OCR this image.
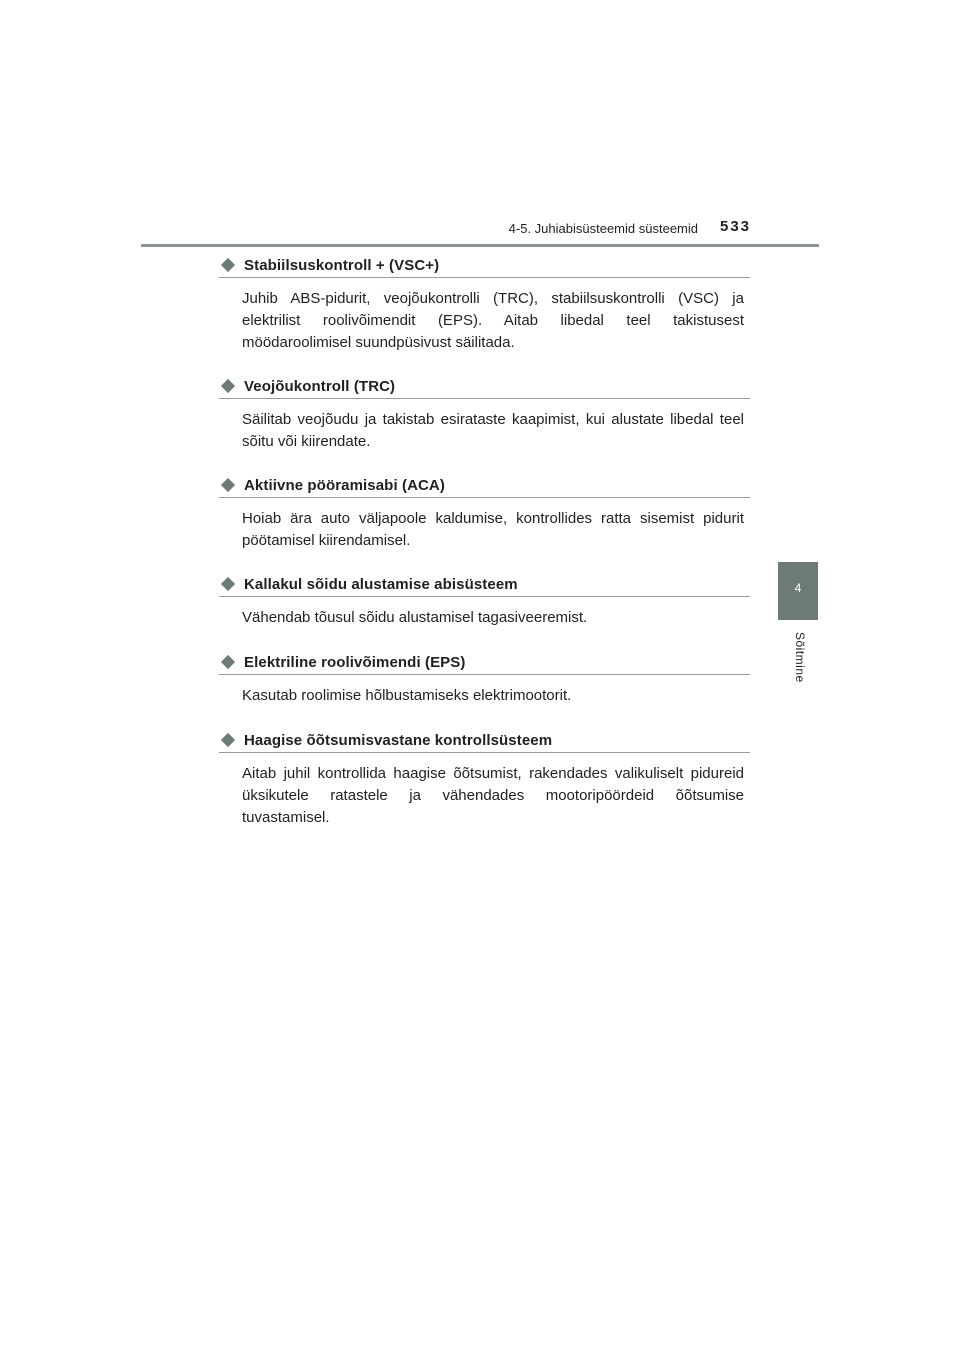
4-5. Juhiabisüsteemid süsteemid 533
4
Sõitmine
Stabiilsuskontroll + (VSC+)

Juhib ABS-pidurit, veojõukontrolli (TRC), stabiilsuskontrolli (VSC) ja elektrilist roolivõimendit (EPS). Aitab libedal teel takistusest möödaroolimisel suundpüsivust säilitada.

Veojõukontroll (TRC)

Säilitab veojõudu ja takistab esirataste kaapimist, kui alustate libedal teel sõitu või kiirendate.

Aktiivne pööramisabi (ACA)

Hoiab ära auto väljapoole kaldumise, kontrollides ratta sisemist pidurit pöötamisel kiirendamisel.

Kallakul sõidu alustamise abisüsteem

Vähendab tõusul sõidu alustamisel tagasiveeremist.

Elektriline roolivõimendi (EPS)

Kasutab roolimise hõlbustamiseks elektrimootorit.

Haagise õõtsumisvastane kontrollsüsteem

Aitab juhil kontrollida haagise õõtsumist, rakendades valikuliselt pidureid üksikutele ratastele ja vähendades mootoripöördeid õõtsumise tuvastamisel.
